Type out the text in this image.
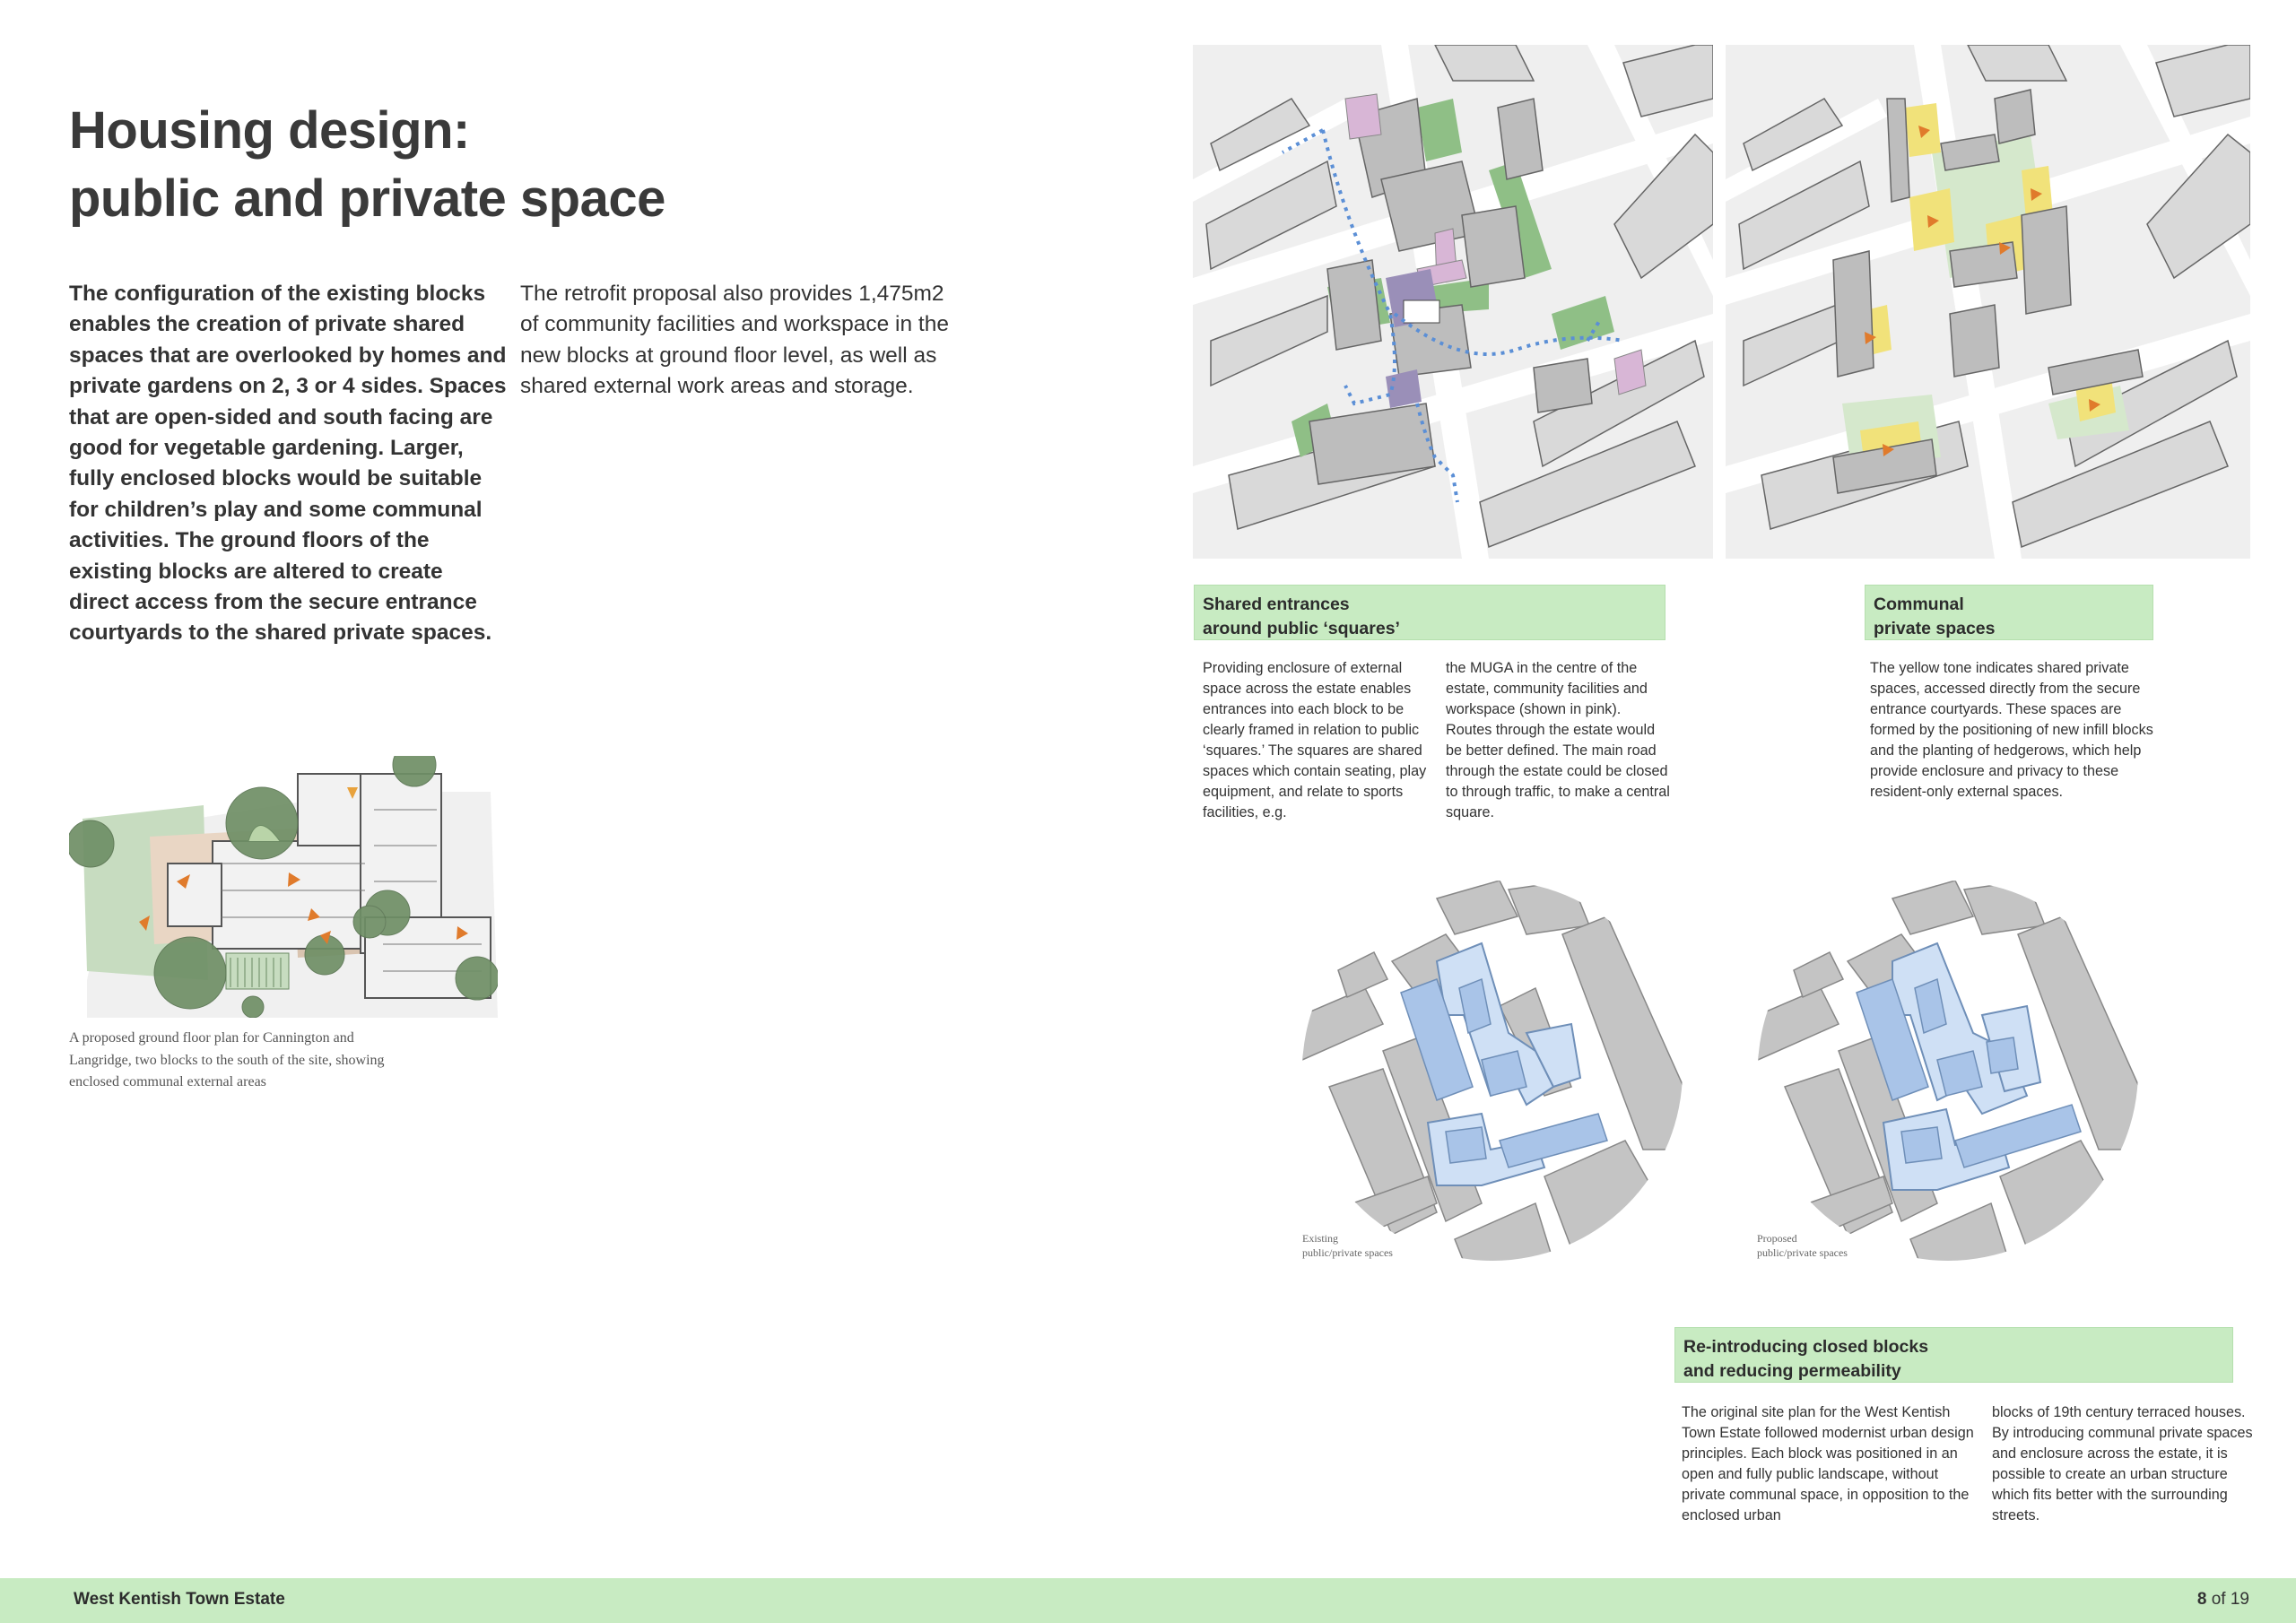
Housing design:
public and private space

The configuration of the existing blocks enables the creation of private shared spaces that are overlooked by homes and private gardens on 2, 3 or 4 sides. Spaces that are open-sided and south facing are good for vegetable gardening. Larger, fully enclosed blocks would be suitable for children’s play and some communal activities. The ground floors of the existing blocks are altered to create direct access from the secure entrance courtyards to the shared private spaces.

The retrofit proposal also provides 1,475m2 of community facilities and workspace in the new blocks at ground floor level, as well as shared external work areas and storage.

A proposed ground floor plan for Cannington and Langridge, two blocks to the south of the site, showing enclosed communal external areas

Shared entrances
around public ‘squares’

Providing enclosure of external space across the estate enables entrances into each block to be clearly framed in relation to public ‘squares.’ The squares are shared spaces which contain seating, play equipment, and relate to sports facilities, e.g.

the MUGA in the centre of the estate, community facilities and workspace (shown in pink). Routes through the estate would be better defined. The main road through the estate could be closed to through traffic, to make a central square.

Communal
private spaces

The yellow tone indicates shared private spaces, accessed directly from the secure entrance courtyards. These spaces are formed by the positioning of new infill blocks and the planting of hedgerows, which help provide enclosure and privacy to these resident-only external spaces.

Existing
public/private spaces
Proposed
public/private spaces
Re-introducing closed blocks
and reducing permeability

The original site plan for the West Kentish Town Estate followed modernist urban design principles. Each block was positioned in an open and fully public landscape, without private communal space, in opposition to the enclosed urban

blocks of 19th century terraced houses. By introducing communal private spaces and enclosure across the estate, it is possible to create an urban structure which fits better with the surrounding streets.

West Kentish Town Estate	8 of 19
